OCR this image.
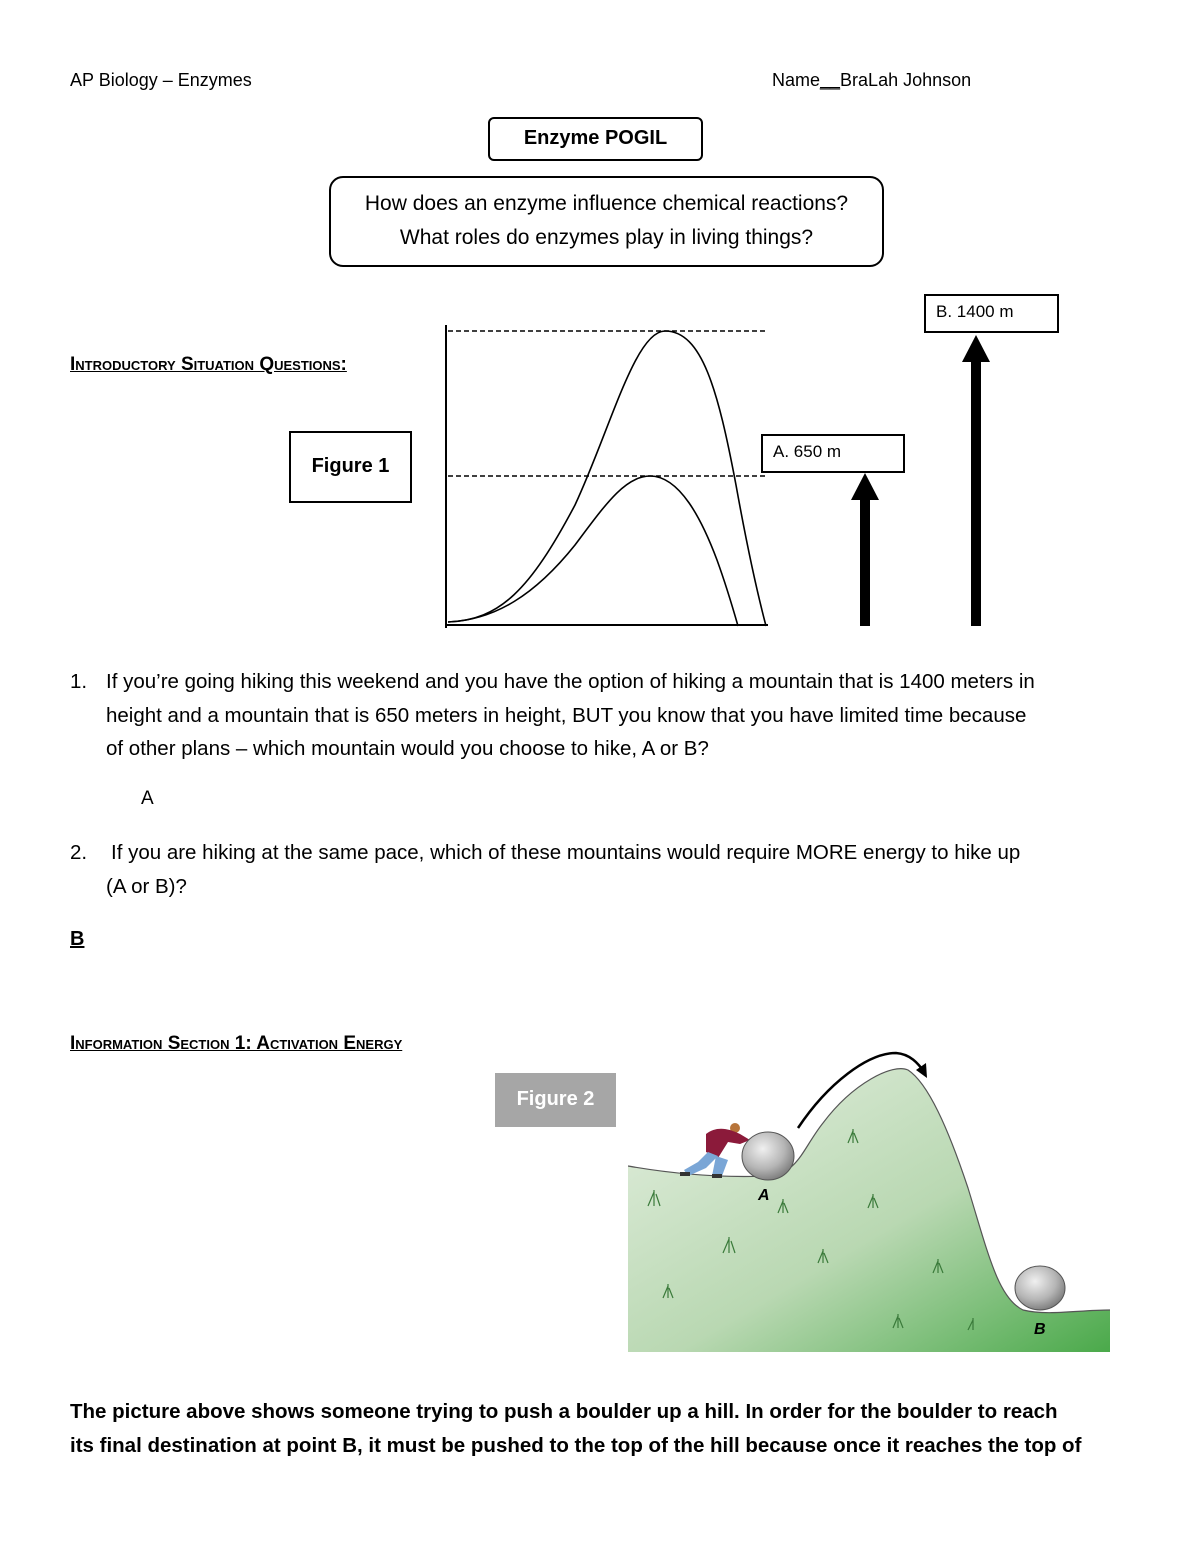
AP Biology – Enzymes	Name__BraLah Johnson
Enzyme POGIL
How does an enzyme influence chemical reactions?
What roles do enzymes play in living things?
Introductory Situation Questions:
Figure 1
A. 650 m
B. 1400 m
1. If you’re going hiking this weekend and you have the option of hiking a mountain that is 1400 meters in
height and a mountain that is 650 meters in height, BUT you know that you have limited time because
of other plans – which mountain would you choose to hike, A or B?
A
2.	If you are hiking at the same pace, which of these mountains would require MORE energy to hike up
(A or B)?
B
Information Section 1: Activation Energy
Figure 2
A
B
The picture above shows someone trying to push a boulder up a hill. In order for the boulder to reach
its final destination at point B, it must be pushed to the top of the hill because once it reaches the top of
